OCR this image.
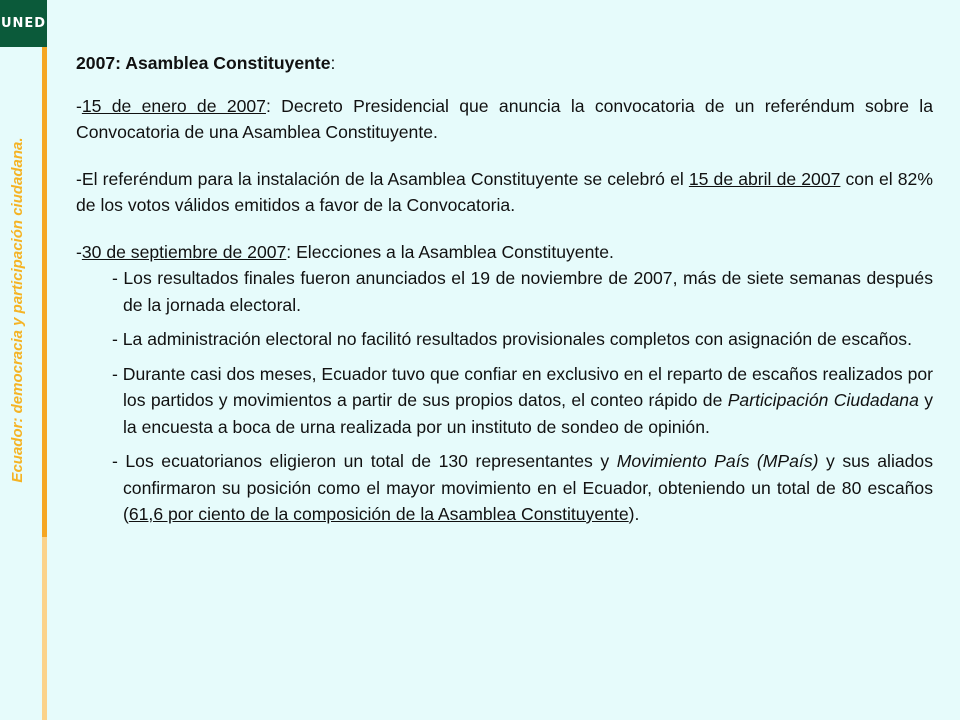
UNED
Ecuador: democracia y participación ciudadana.

2007: Asamblea Constituyente:

-15 de enero de 2007: Decreto Presidencial que anuncia la convocatoria de un referéndum sobre la Convocatoria de una Asamblea Constituyente.

-El referéndum para la instalación de la Asamblea Constituyente se celebró el 15 de abril de 2007 con el 82% de los votos válidos emitidos a favor de la Convocatoria.

-30 de septiembre de 2007: Elecciones a la Asamblea Constituyente.

- Los resultados finales fueron anunciados el 19 de noviembre de 2007, más de siete semanas después de la jornada electoral.

- La administración electoral no facilitó resultados provisionales completos con asignación de escaños.

- Durante casi dos meses, Ecuador tuvo que confiar en exclusivo en el reparto de escaños realizados por los partidos y movimientos a partir de sus propios datos, el conteo rápido de Participación Ciudadana y la encuesta a boca de urna realizada por un instituto de sondeo de opinión.

- Los ecuatorianos eligieron un total de 130 representantes y Movimiento País (MPaís) y sus aliados confirmaron su posición como el mayor movimiento en el Ecuador, obteniendo un total de 80 escaños (61,6 por ciento de la composición de la Asamblea Constituyente).
